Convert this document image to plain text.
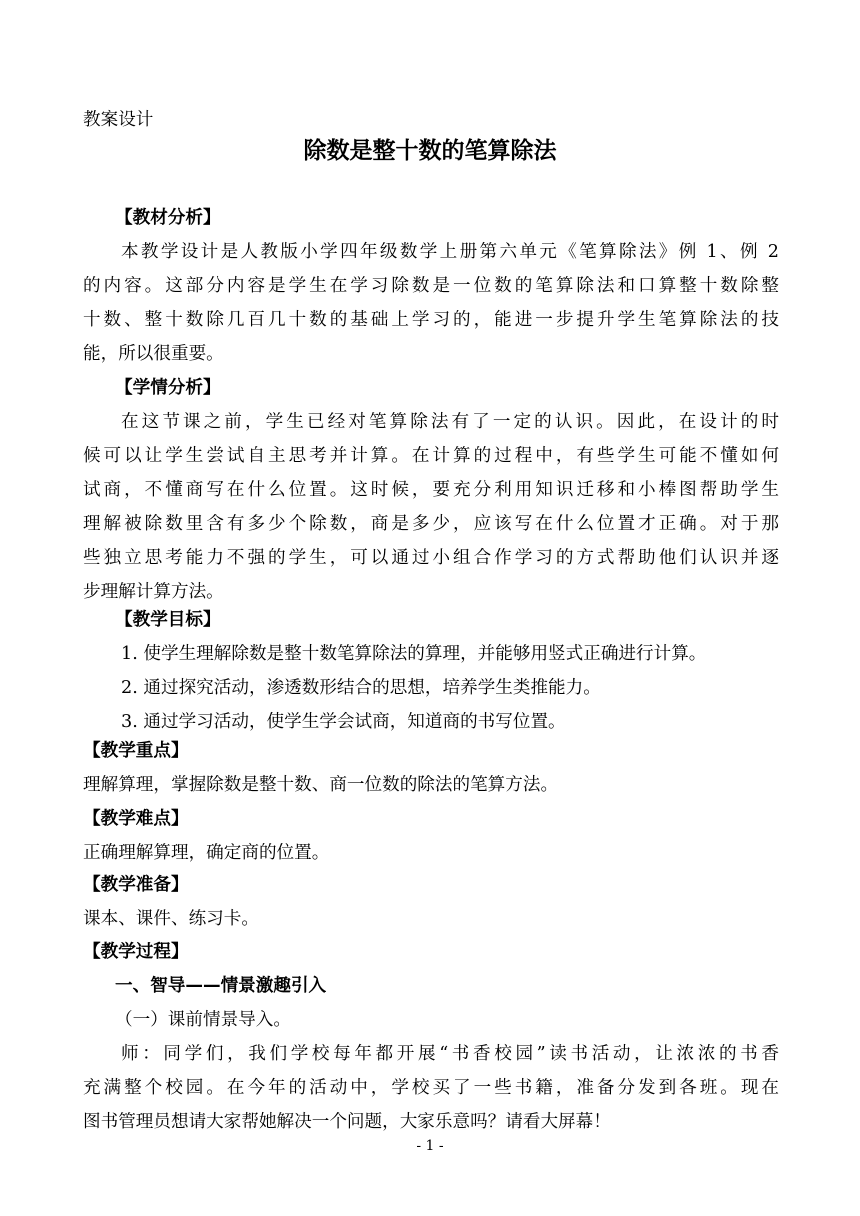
教案设计
除数是整十数的笔算除法
【教材分析】
本教学设计是人教版小学四年级数学上册第六单元《笔算除法》例 1、例 2
的内容。这部分内容是学生在学习除数是一位数的笔算除法和口算整十数除整
十数、整十数除几百几十数的基础上学习的，能进一步提升学生笔算除法的技
能，所以很重要。
【学情分析】
在这节课之前，学生已经对笔算除法有了一定的认识。因此，在设计的时
候可以让学生尝试自主思考并计算。在计算的过程中，有些学生可能不懂如何
试商，不懂商写在什么位置。这时候，要充分利用知识迁移和小棒图帮助学生
理解被除数里含有多少个除数，商是多少，应该写在什么位置才正确。对于那
些独立思考能力不强的学生，可以通过小组合作学习的方式帮助他们认识并逐
步理解计算方法。
【教学目标】
1. 使学生理解除数是整十数笔算除法的算理，并能够用竖式正确进行计算。
2. 通过探究活动，渗透数形结合的思想，培养学生类推能力。
3. 通过学习活动，使学生学会试商，知道商的书写位置。
【教学重点】
理解算理，掌握除数是整十数、商一位数的除法的笔算方法。
【教学难点】
正确理解算理，确定商的位置。
【教学准备】
课本、课件、练习卡。
【教学过程】
一、智导——情景激趣引入
（一）课前情景导入。
师：同学们，我们学校每年都开展“书香校园”读书活动，让浓浓的书香
充满整个校园。在今年的活动中，学校买了一些书籍，准备分发到各班。现在
图书管理员想请大家帮她解决一个问题，大家乐意吗？请看大屏幕！
- 1 -
